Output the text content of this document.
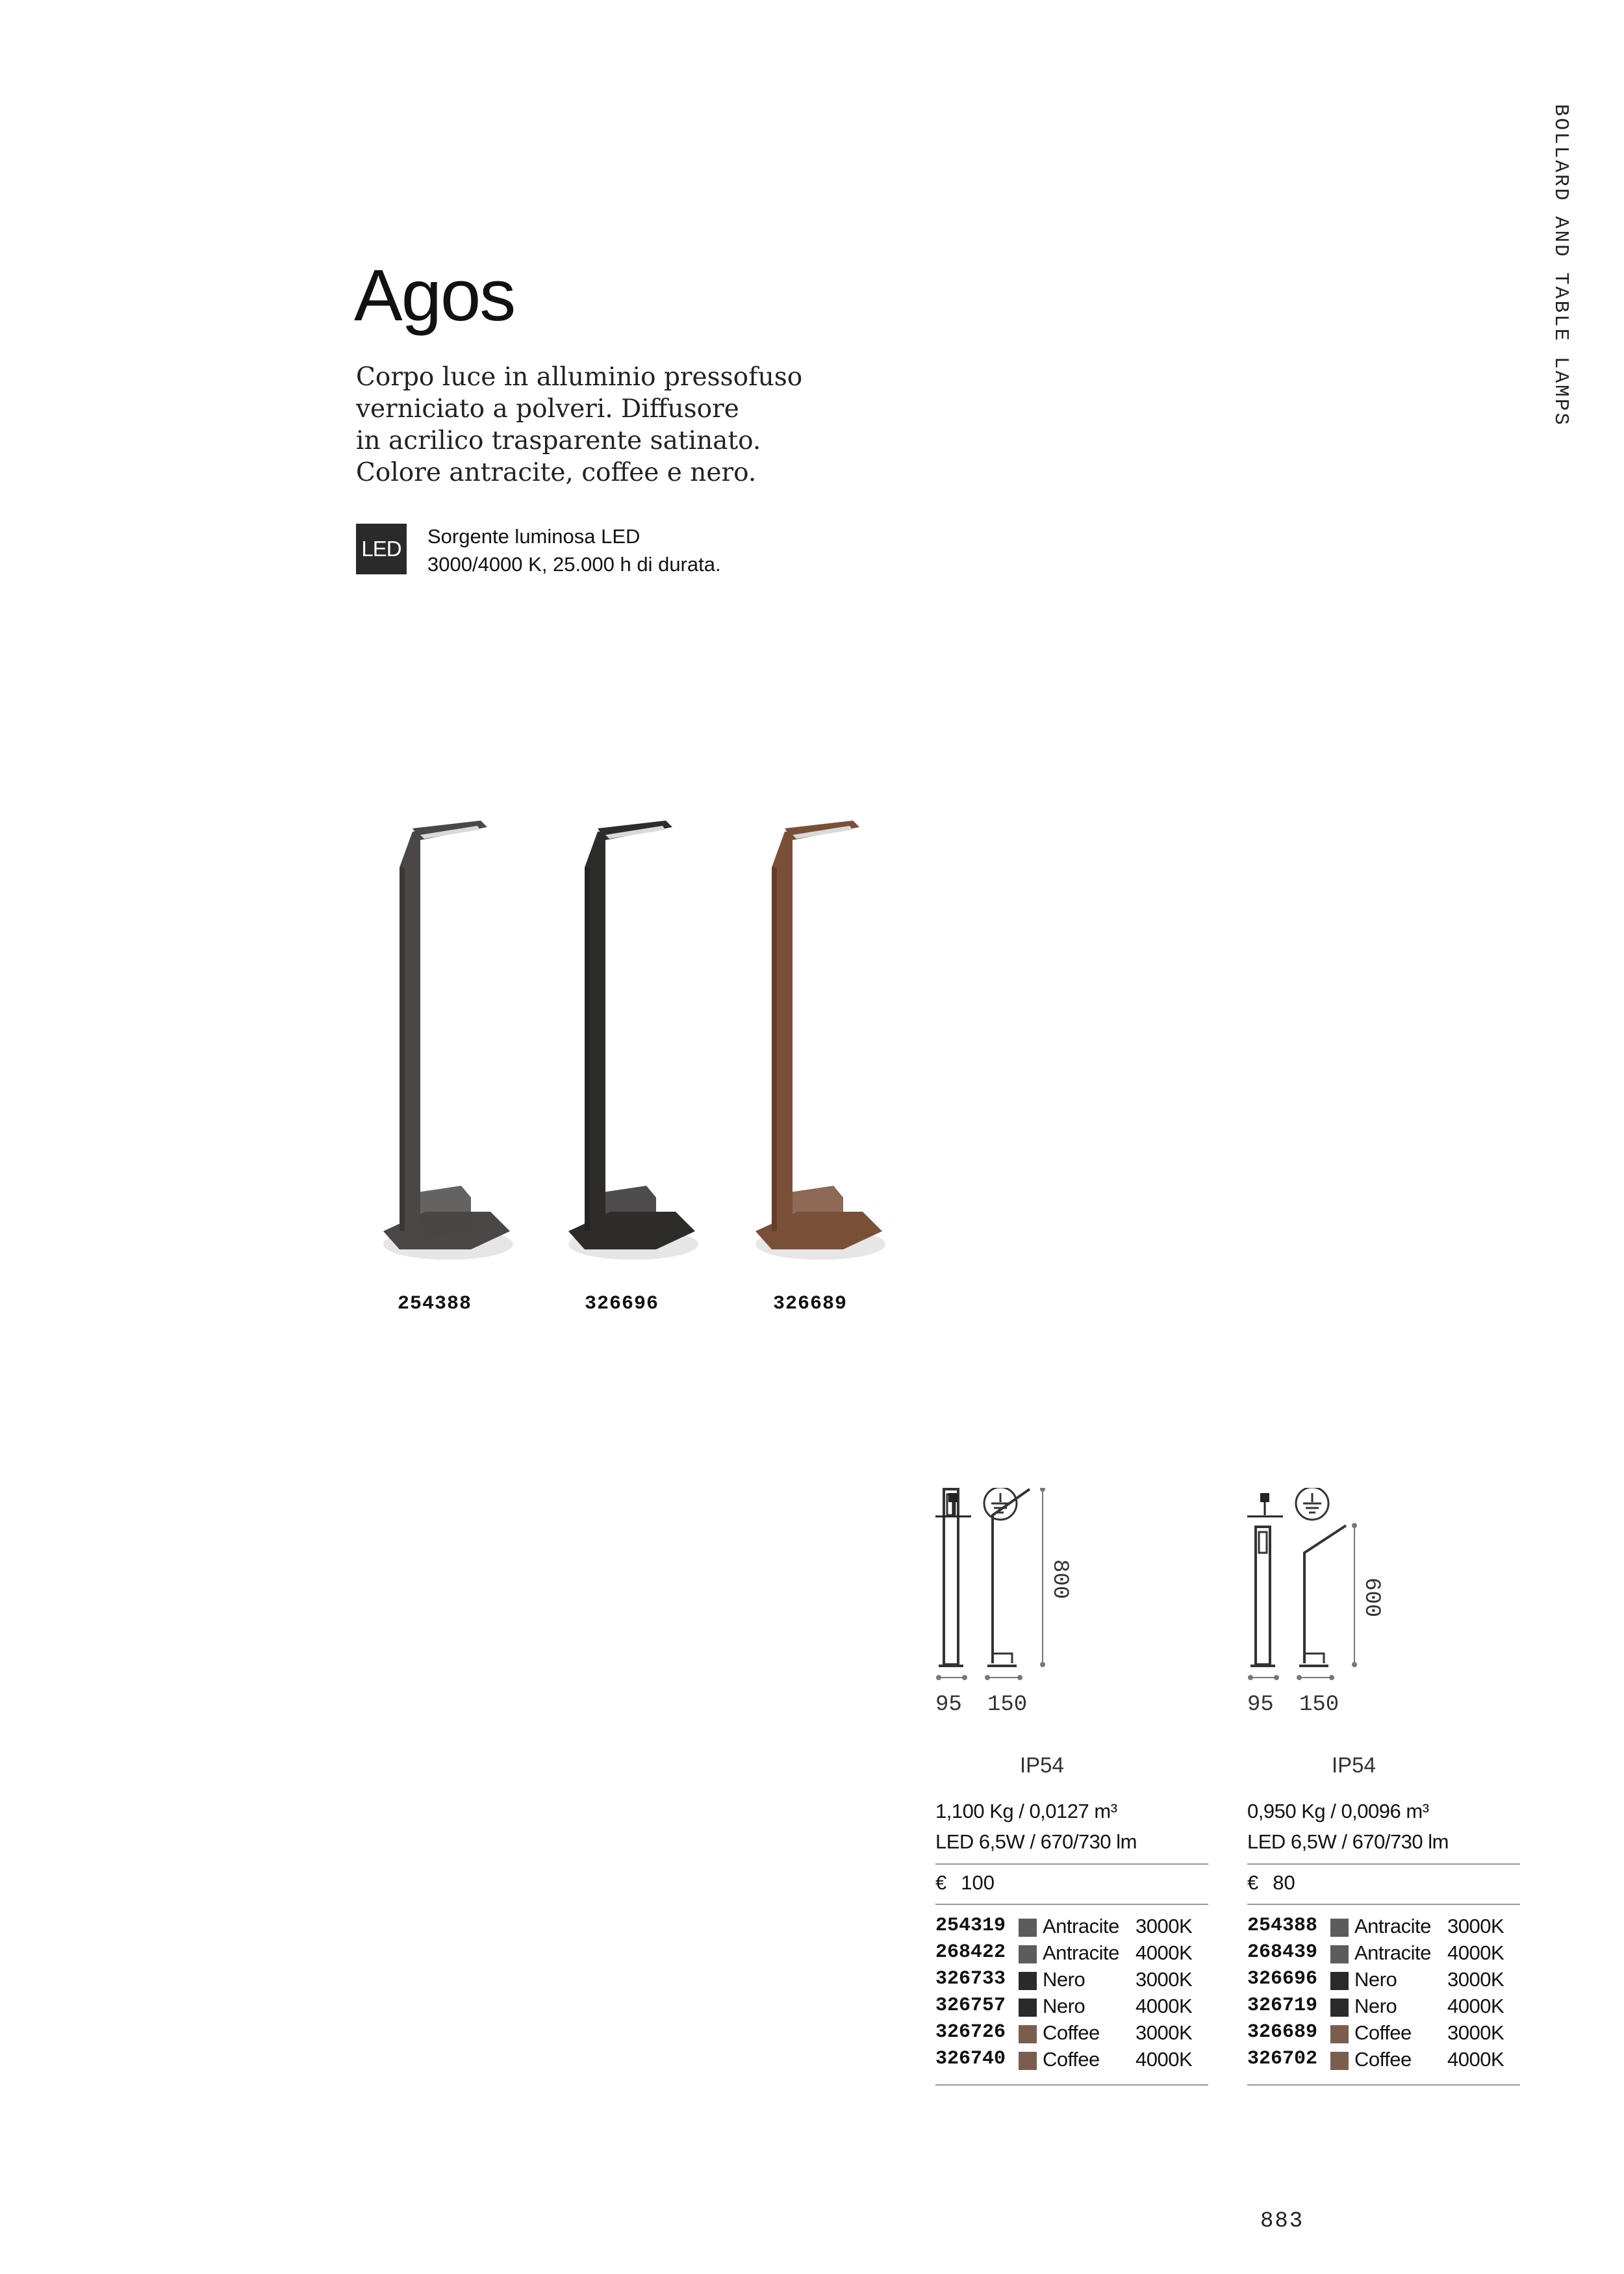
BOLLARD AND TABLE LAMPS
Agos
Corpo luce in alluminio pressofuso
verniciato a polveri. Diffusore
in acrilico trasparente satinato.
Colore antracite, coffee e nero.
LED
Sorgente luminosa LED
3000/4000 K, 25.000 h di durata.
254388	326696	326689
800
95 150
IP54
1,100 Kg / 0,0127 m³
LED 6,5W / 670/730 lm
€ 100
254319 Antracite 3000K
268422 Antracite 4000K
326733 Nero	3000K
326757 Nero	4000K
326726 Coffee 3000K
326740 Coffee 4000K
600
95 150
IP54
0,950 Kg / 0,0096 m³
LED 6,5W / 670/730 lm
€ 80
254388 Antracite 3000K
268439 Antracite 4000K
326696 Nero	3000K
326719 Nero	4000K
326689 Coffee 3000K
326702 Coffee 4000K
883
